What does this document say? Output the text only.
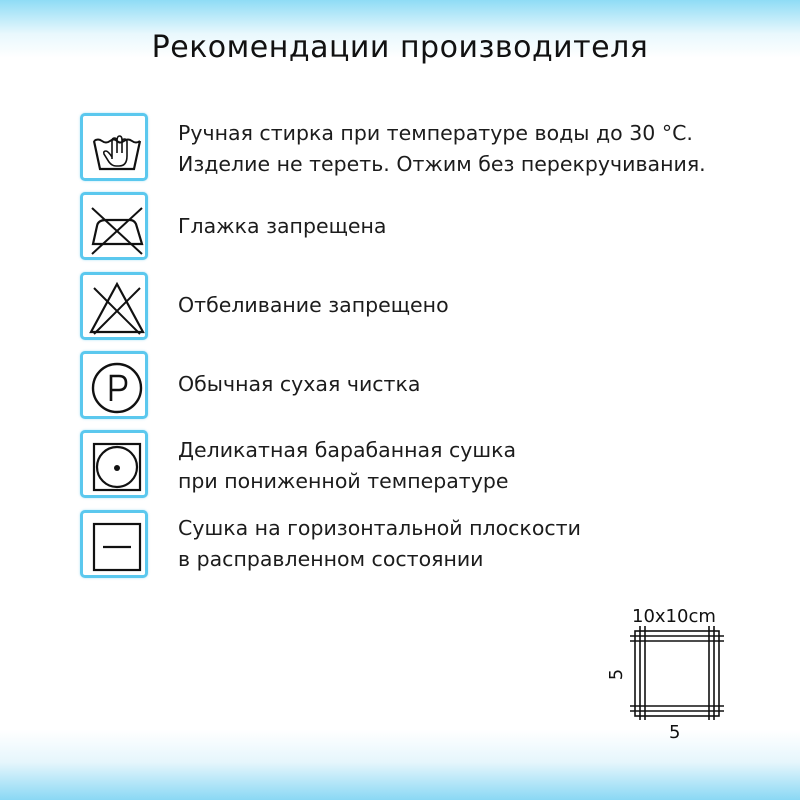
Рекомендации производителя
Ручная стирка при температуре воды до 30 °С.
Изделие не тереть. Отжим без перекручивания.
Глажка запрещена
Отбеливание запрещено
Обычная сухая чистка
Деликатная барабанная сушка
при пониженной температуре
Сушка на горизонтальной плоскости
в расправленном состоянии
10x10cm
5
5
